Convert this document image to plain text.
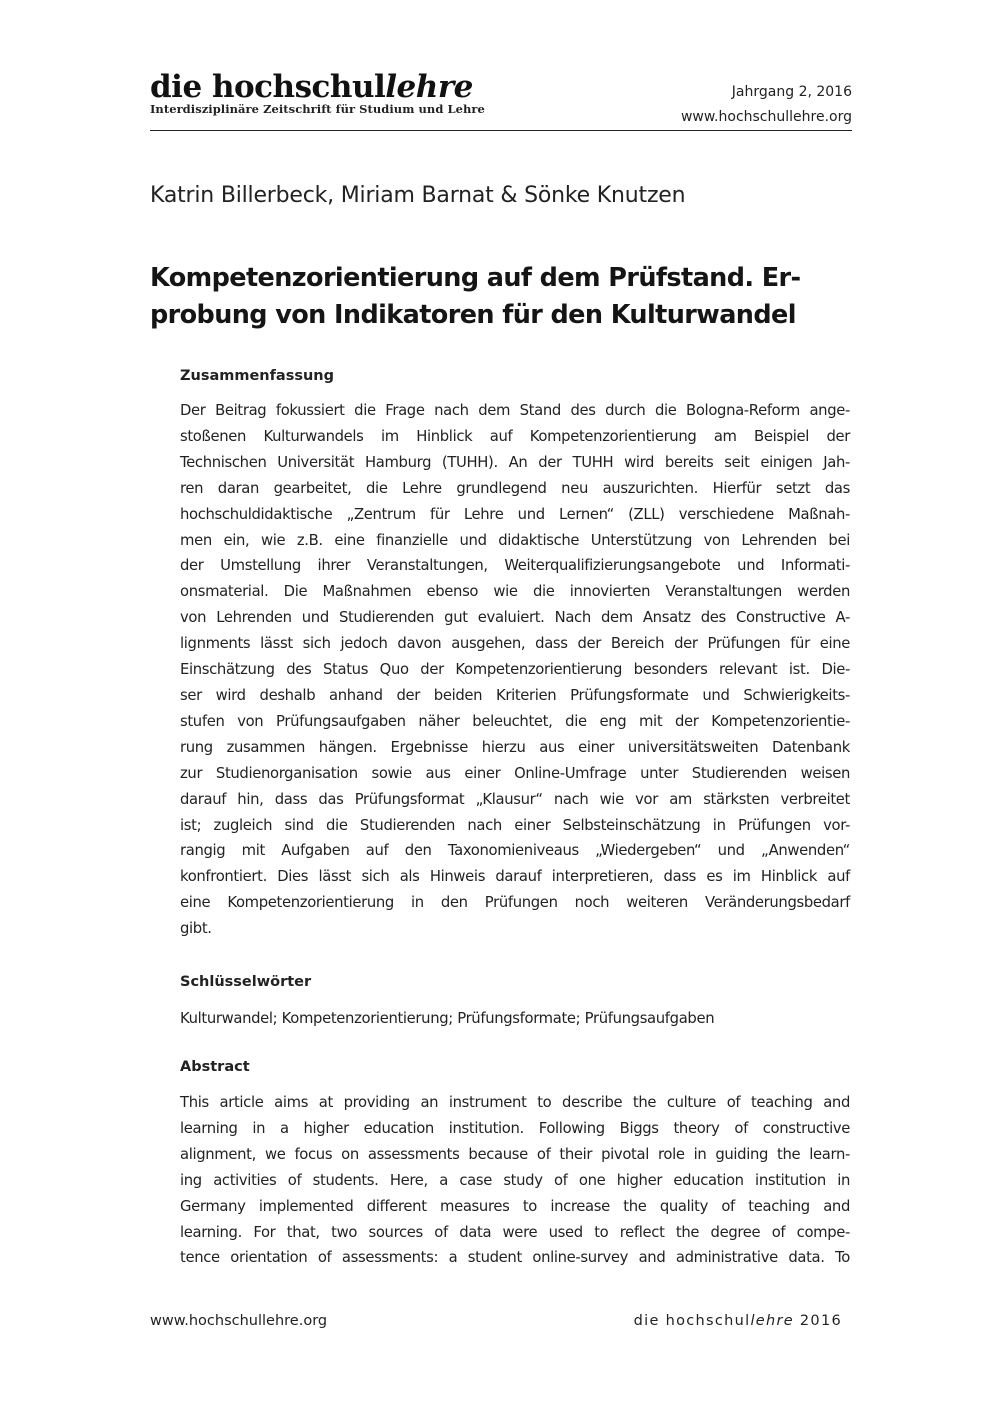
die hochschullehre
Interdisziplinäre Zeitschrift für Studium und Lehre
Jahrgang 2, 2016
www.hochschullehre.org
Katrin Billerbeck, Miriam Barnat & Sönke Knutzen
Kompetenzorientierung auf dem Prüfstand. Er-probung von Indikatoren für den Kulturwandel
Zusammenfassung

Der Beitrag fokussiert die Frage nach dem Stand des durch die Bologna-Reform ange-
stoßenen Kulturwandels im Hinblick auf Kompetenzorientierung am Beispiel der
Technischen Universität Hamburg (TUHH). An der TUHH wird bereits seit einigen Jah-
ren daran gearbeitet, die Lehre grundlegend neu auszurichten. Hierfür setzt das
hochschuldidaktische „Zentrum für Lehre und Lernen“ (ZLL) verschiedene Maßnah-
men ein, wie z.B. eine finanzielle und didaktische Unterstützung von Lehrenden bei
der Umstellung ihrer Veranstaltungen, Weiterqualifizierungsangebote und Informati-
onsmaterial. Die Maßnahmen ebenso wie die innovierten Veranstaltungen werden
von Lehrenden und Studierenden gut evaluiert. Nach dem Ansatz des Constructive A-
lignments lässt sich jedoch davon ausgehen, dass der Bereich der Prüfungen für eine
Einschätzung des Status Quo der Kompetenzorientierung besonders relevant ist. Die-
ser wird deshalb anhand der beiden Kriterien Prüfungsformate und Schwierigkeits-
stufen von Prüfungsaufgaben näher beleuchtet, die eng mit der Kompetenzorientie-
rung zusammen hängen. Ergebnisse hierzu aus einer universitätsweiten Datenbank
zur Studienorganisation sowie aus einer Online-Umfrage unter Studierenden weisen
darauf hin, dass das Prüfungsformat „Klausur“ nach wie vor am stärksten verbreitet
ist; zugleich sind die Studierenden nach einer Selbsteinschätzung in Prüfungen vor-
rangig mit Aufgaben auf den Taxonomieniveaus „Wiedergeben“ und „Anwenden“
konfrontiert. Dies lässt sich als Hinweis darauf interpretieren, dass es im Hinblick auf
eine Kompetenzorientierung in den Prüfungen noch weiteren Veränderungsbedarf
gibt.

Schlüsselwörter

Kulturwandel; Kompetenzorientierung; Prüfungsformate; Prüfungsaufgaben

Abstract

This article aims at providing an instrument to describe the culture of teaching and
learning in a higher education institution. Following Biggs theory of constructive
alignment, we focus on assessments because of their pivotal role in guiding the learn-
ing activities of students. Here, a case study of one higher education institution in
Germany implemented different measures to increase the quality of teaching and
learning. For that, two sources of data were used to reflect the degree of compe-
tence orientation of assessments: a student online-survey and administrative data. To

www.hochschullehre.org	die hochschullehre 2016
